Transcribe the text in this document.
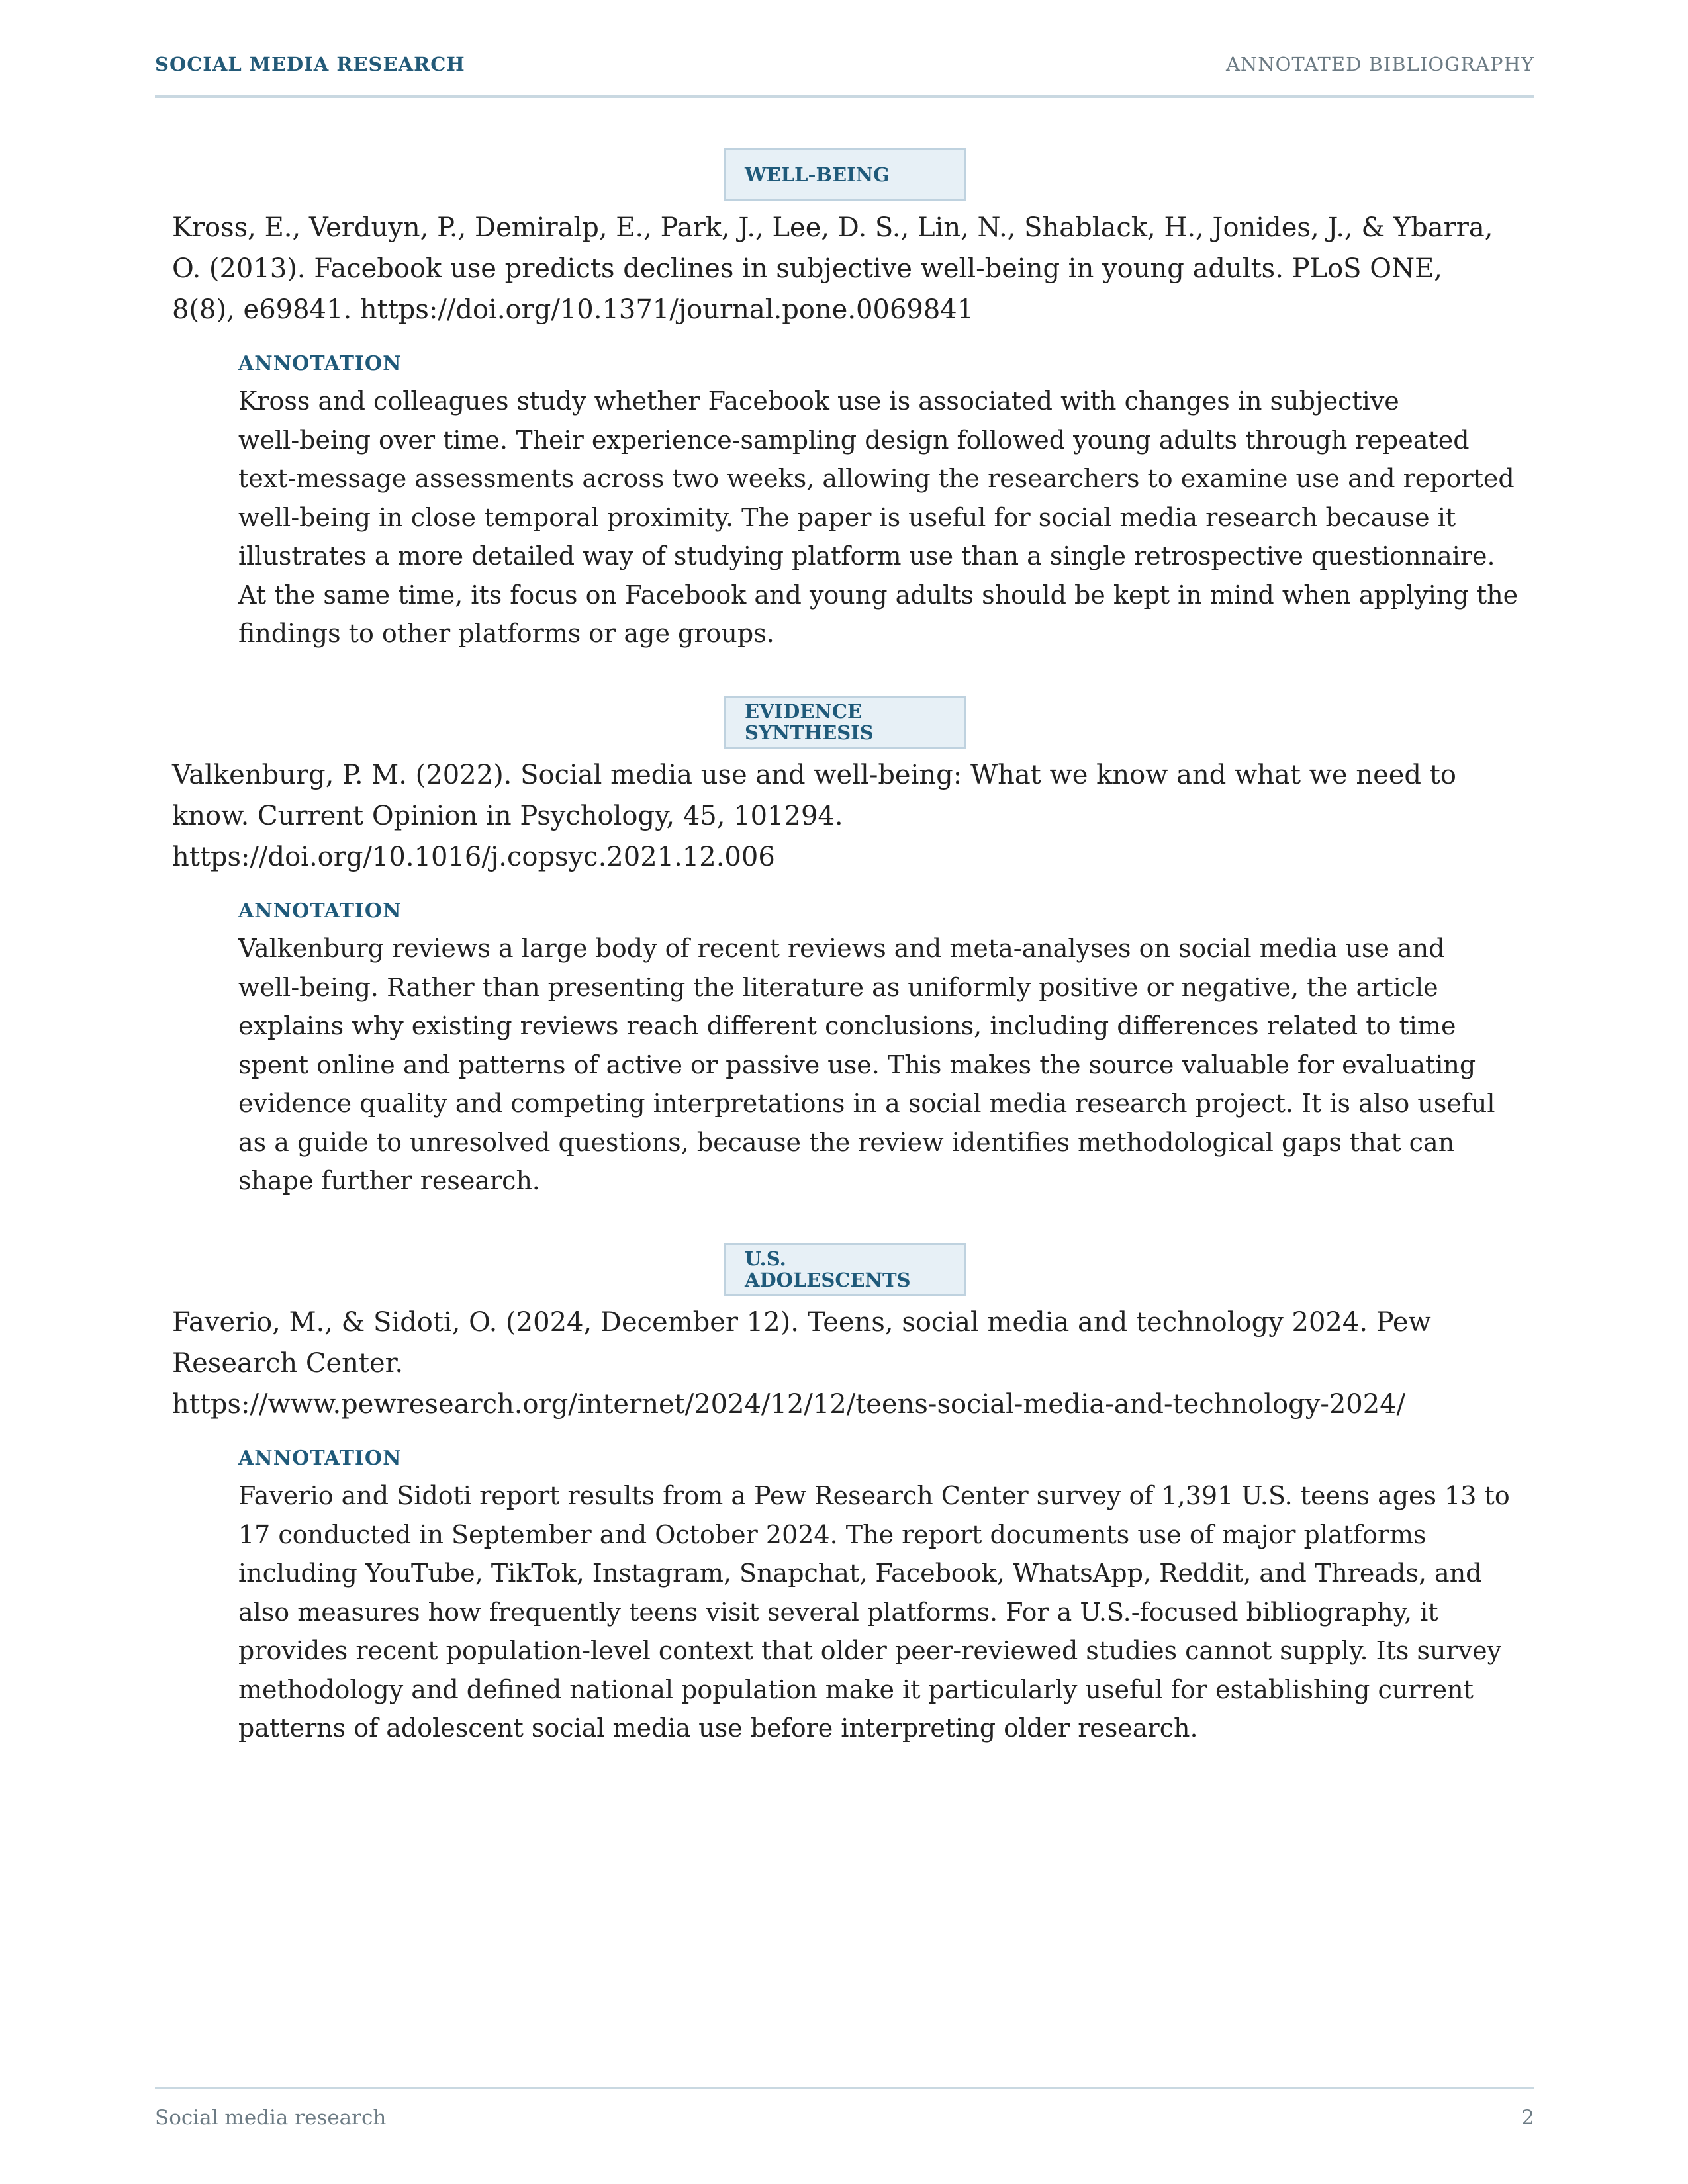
SOCIAL MEDIA RESEARCH	ANNOTATED BIBLIOGRAPHY
WELL-BEING
Kross, E., Verduyn, P., Demiralp, E., Park, J., Lee, D. S., Lin, N., Shablack, H., Jonides, J., & Ybarra,
O. (2013). Facebook use predicts declines in subjective well-being in young adults. PLoS ONE,
8(8), e69841. https://doi.org/10.1371/journal.pone.0069841
ANNOTATION
Kross and colleagues study whether Facebook use is associated with changes in subjective
well-being over time. Their experience-sampling design followed young adults through repeated
text-message assessments across two weeks, allowing the researchers to examine use and reported
well-being in close temporal proximity. The paper is useful for social media research because it
illustrates a more detailed way of studying platform use than a single retrospective questionnaire.
At the same time, its focus on Facebook and young adults should be kept in mind when applying the
findings to other platforms or age groups.
EVIDENCE
SYNTHESIS
Valkenburg, P. M. (2022). Social media use and well-being: What we know and what we need to
know. Current Opinion in Psychology, 45, 101294.
https://doi.org/10.1016/j.copsyc.2021.12.006
ANNOTATION
Valkenburg reviews a large body of recent reviews and meta-analyses on social media use and
well-being. Rather than presenting the literature as uniformly positive or negative, the article
explains why existing reviews reach different conclusions, including differences related to time
spent online and patterns of active or passive use. This makes the source valuable for evaluating
evidence quality and competing interpretations in a social media research project. It is also useful
as a guide to unresolved questions, because the review identifies methodological gaps that can
shape further research.
U.S.
ADOLESCENTS
Faverio, M., & Sidoti, O. (2024, December 12). Teens, social media and technology 2024. Pew
Research Center.
https://www.pewresearch.org/internet/2024/12/12/teens-social-media-and-technology-2024/
ANNOTATION
Faverio and Sidoti report results from a Pew Research Center survey of 1,391 U.S. teens ages 13 to
17 conducted in September and October 2024. The report documents use of major platforms
including YouTube, TikTok, Instagram, Snapchat, Facebook, WhatsApp, Reddit, and Threads, and
also measures how frequently teens visit several platforms. For a U.S.-focused bibliography, it
provides recent population-level context that older peer-reviewed studies cannot supply. Its survey
methodology and defined national population make it particularly useful for establishing current
patterns of adolescent social media use before interpreting older research.
Social media research	2
